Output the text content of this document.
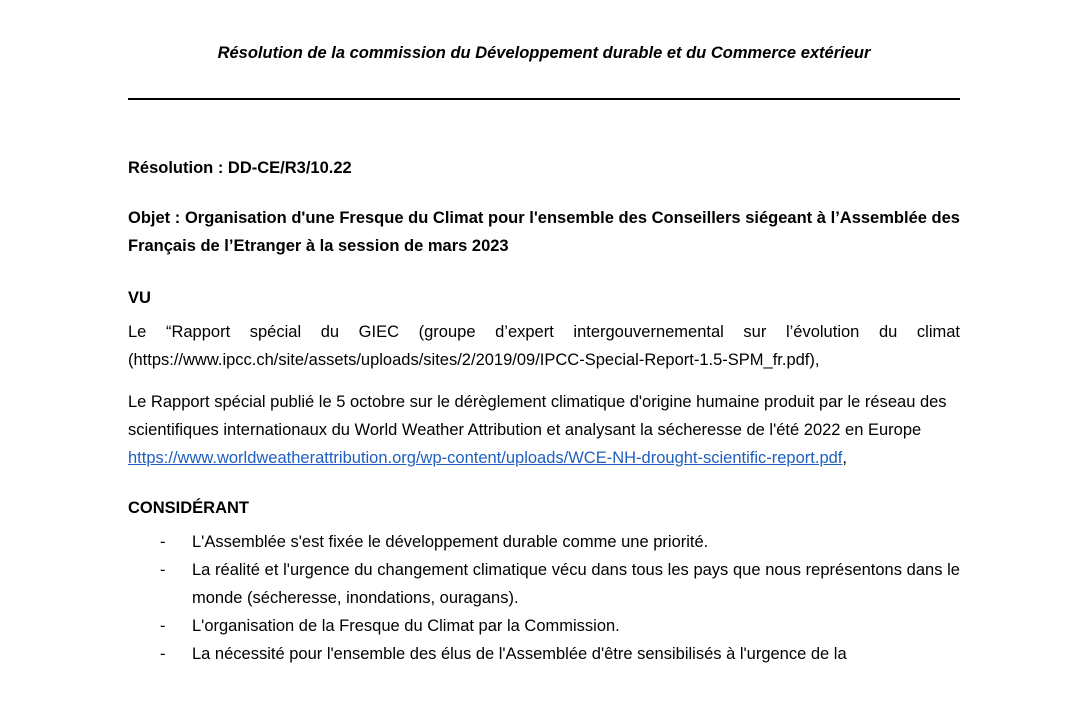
Résolution de la commission du Développement durable et du Commerce extérieur

Résolution : DD-CE/R3/10.22

Objet : Organisation d'une Fresque du Climat pour l'ensemble des Conseillers siégeant à l’Assemblée des Français de l’Etranger à la session de mars 2023

VU

Le “Rapport spécial du GIEC (groupe d’expert intergouvernemental sur l’évolution du climat (https://www.ipcc.ch/site/assets/uploads/sites/2/2019/09/IPCC-Special-Report-1.5-SPM_fr.pdf),

Le Rapport spécial publié le 5 octobre sur le dérèglement climatique d'origine humaine produit par le réseau des scientifiques internationaux du World Weather Attribution et analysant la sécheresse de l'été 2022 en Europe
https://www.worldweatherattribution.org/wp-content/uploads/WCE-NH-drought-scientific-report.pdf,

CONSIDÉRANT

- L'Assemblée s'est fixée le développement durable comme une priorité.
- La réalité et l'urgence du changement climatique vécu dans tous les pays que nous représentons dans le monde (sécheresse, inondations, ouragans).
- L'organisation de la Fresque du Climat par la Commission.
- La nécessité pour l'ensemble des élus de l'Assemblée d'être sensibilisés à l'urgence de la
